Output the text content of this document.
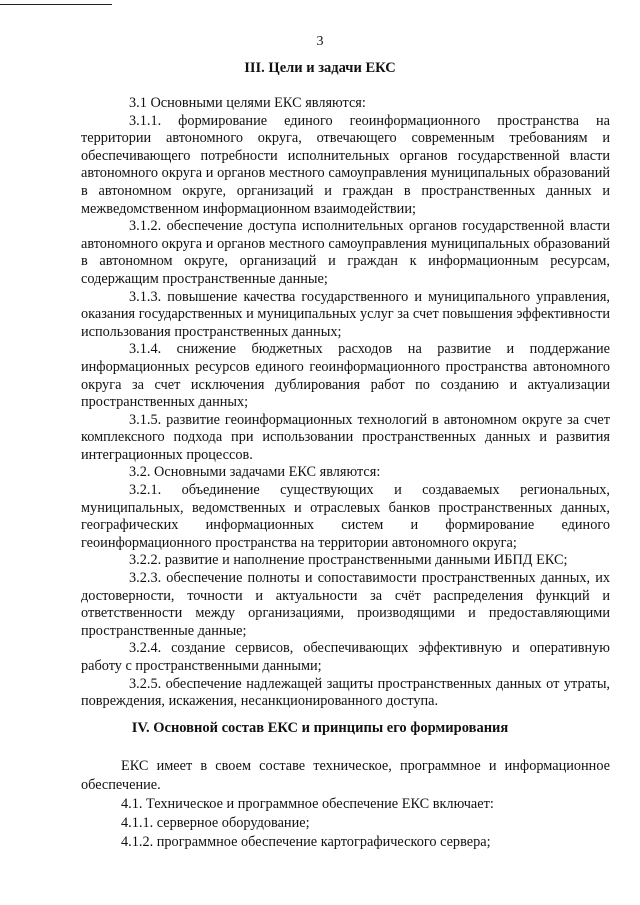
3
III. Цели и задачи ЕКС

3.1 Основными целями ЕКС являются:

3.1.1. формирование единого геоинформационного пространства на территории автономного округа, отвечающего современным требованиям и обеспечивающего потребности исполнительных органов государственной власти автономного округа и органов местного самоуправления муниципальных образований в автономном округе, организаций и граждан в пространственных данных и межведомственном информационном взаимодействии;

3.1.2. обеспечение доступа исполнительных органов государственной власти автономного округа и органов местного самоуправления муниципальных образований в автономном округе, организаций и граждан к информационным ресурсам, содержащим пространственные данные;

3.1.3. повышение качества государственного и муниципального управления, оказания государственных и муниципальных услуг за счет повышения эффективности использования пространственных данных;

3.1.4. снижение бюджетных расходов на развитие и поддержание информационных ресурсов единого геоинформационного пространства автономного округа за счет исключения дублирования работ по созданию и актуализации пространственных данных;

3.1.5. развитие геоинформационных технологий в автономном округе за счет комплексного подхода при использовании пространственных данных и развития интеграционных процессов.

3.2. Основными задачами ЕКС являются:

3.2.1. объединение существующих и создаваемых региональных, муниципальных, ведомственных и отраслевых банков пространственных данных, географических информационных систем и формирование единого геоинформационного пространства на территории автономного округа;

3.2.2. развитие и наполнение пространственными данными ИБПД ЕКС;

3.2.3. обеспечение полноты и сопоставимости пространственных данных, их достоверности, точности и актуальности за счёт распределения функций и ответственности между организациями, производящими и предоставляющими пространственные данные;

3.2.4. создание сервисов, обеспечивающих эффективную и оперативную работу с пространственными данными;

3.2.5. обеспечение надлежащей защиты пространственных данных от утраты, повреждения, искажения, несанкционированного доступа.

IV. Основной состав ЕКС и принципы его формирования

ЕКС имеет в своем составе техническое, программное и информационное обеспечение.

4.1. Техническое и программное обеспечение ЕКС включает:

4.1.1. серверное оборудование;

4.1.2. программное обеспечение картографического сервера;
